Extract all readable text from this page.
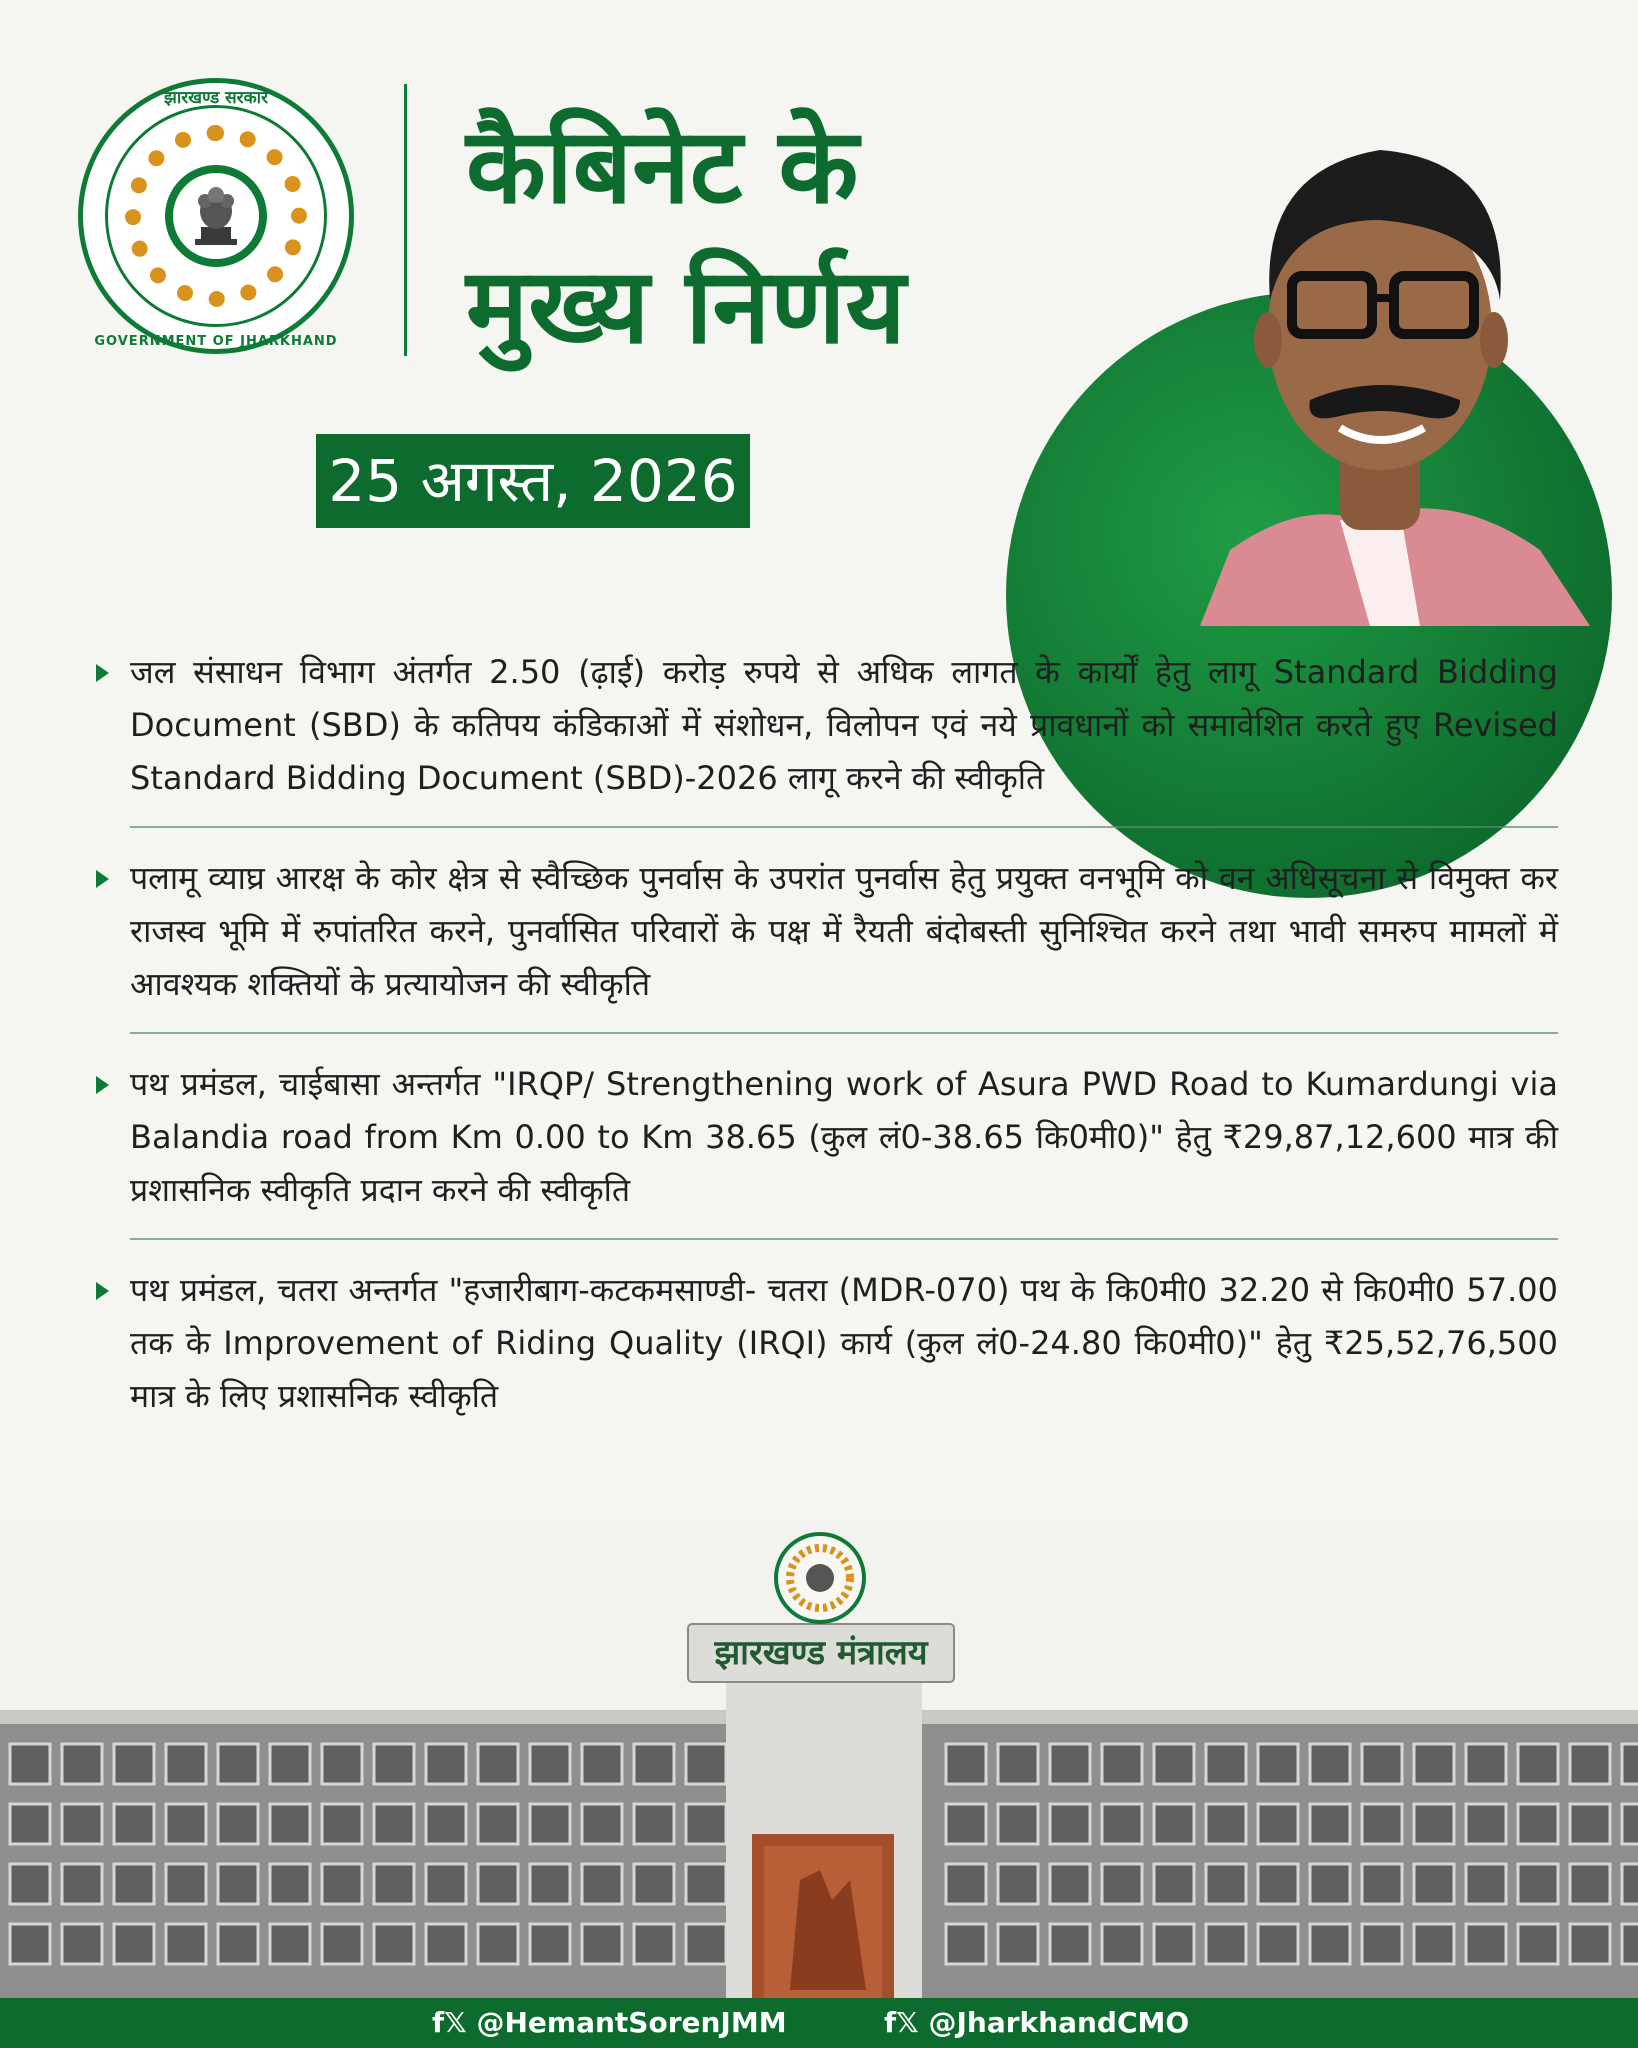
झारखण्ड सरकार
GOVERNMENT OF JHARKHAND
कैबिनेट के
मुख्य निर्णय
25 अगस्त, 2026
जल संसाधन विभाग अंतर्गत 2.50 (ढ़ाई) करोड़ रुपये से अधिक लागत के कार्यों हेतु लागू Standard Bidding Document (SBD) के कतिपय कंडिकाओं में संशोधन, विलोपन एवं नये प्रावधानों को समावेशित करते हुए Revised Standard Bidding Document (SBD)-2026 लागू करने की स्वीकृति
पलामू व्याघ्र आरक्ष के कोर क्षेत्र से स्वैच्छिक पुनर्वास के उपरांत पुनर्वास हेतु प्रयुक्त वनभूमि को वन अधिसूचना से विमुक्त कर राजस्व भूमि में रुपांतरित करने, पुनर्वासित परिवारों के पक्ष में रैयती बंदोबस्ती सुनिश्चित करने तथा भावी समरुप मामलों में आवश्यक शक्तियों के प्रत्यायोजन की स्वीकृति
पथ प्रमंडल, चाईबासा अन्तर्गत "IRQP/ Strengthening work of Asura PWD Road to Kumardungi via Balandia road from Km 0.00 to Km 38.65 (कुल लं0-38.65 कि0मी0)" हेतु ₹29,87,12,600 मात्र की प्रशासनिक स्वीकृति प्रदान करने की स्वीकृति
पथ प्रमंडल, चतरा अन्तर्गत "हजारीबाग-कटकमसाण्डी- चतरा (MDR-070) पथ के कि0मी0 32.20 से कि0मी0 57.00 तक के Improvement of Riding Quality (IRQI) कार्य (कुल लं0-24.80 कि0मी0)" हेतु ₹25,52,76,500 मात्र के लिए प्रशासनिक स्वीकृति
झारखण्ड मंत्रालय
f𝕏 @HemantSorenJMM	f𝕏 @JharkhandCMO
